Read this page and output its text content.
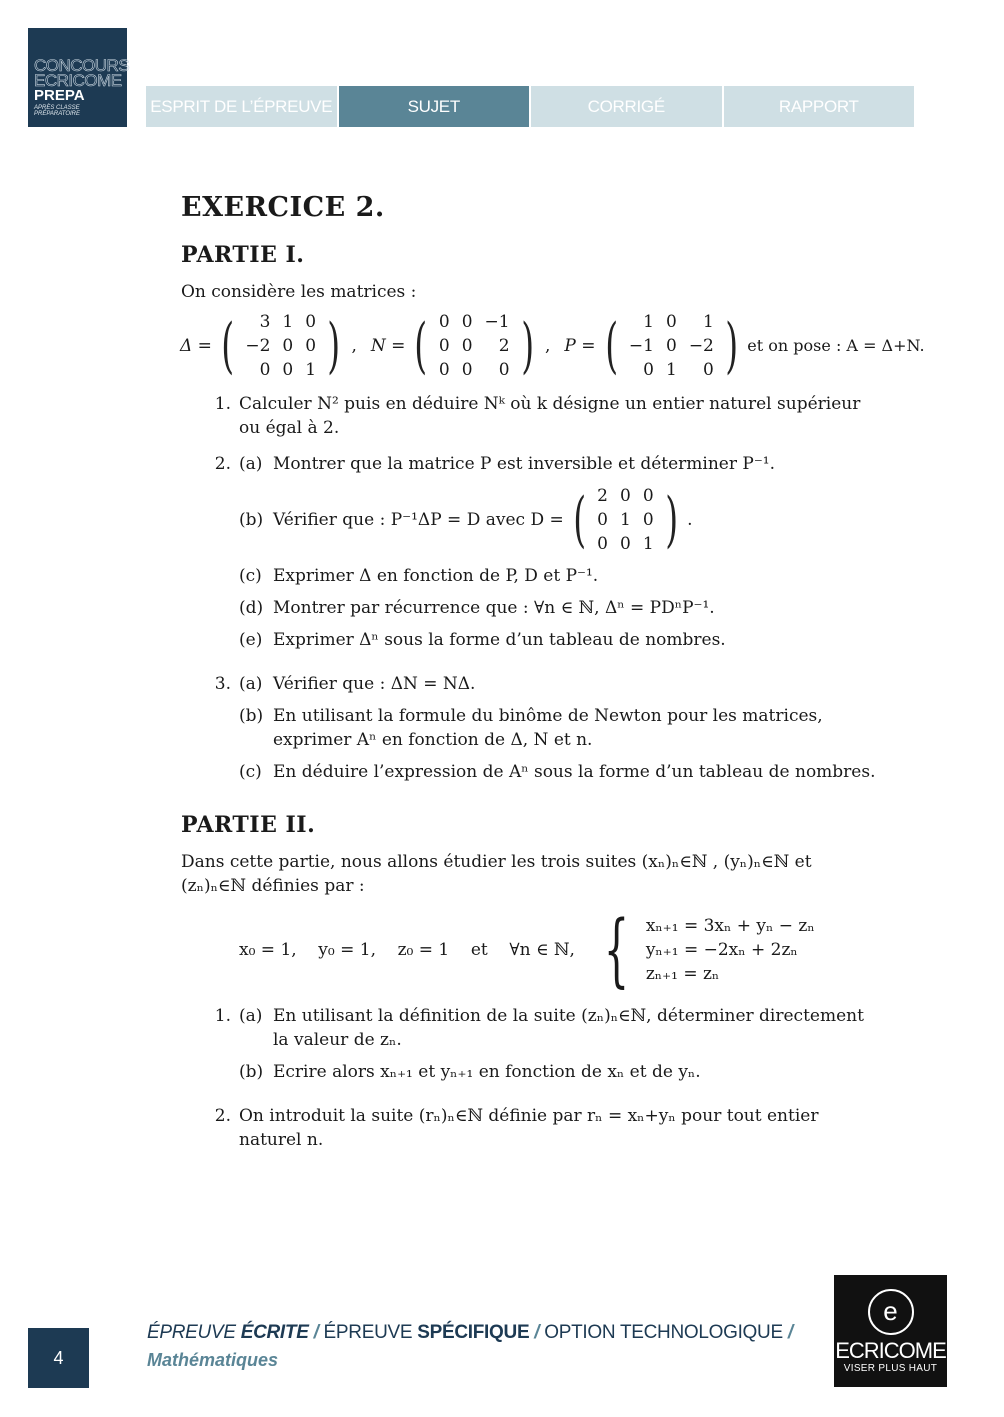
CONCOURS
ECRICOME
PREPA
APRÈS CLASSE PRÉPARATOIRE	ESPRIT DE L’ÉPREUVE	SUJET	CORRIGÉ	RAPPORT
EXERCICE 2.
PARTIE I.

On considère les matrices :

Δ = ( 3	1	0
−2	0	0
0	0	1 ) , N = ( 0	0	−1
0	0	2
0	0	0 ) , P = ( 1	0	1
−1	0	−2
0	1	0 ) et on pose : A = Δ+N.
1. Calculer N² puis en déduire Nᵏ où k désigne un entier naturel supérieur ou égal à 2.
2. (a) Montrer que la matrice P est inversible et déterminer P⁻¹.
(b) Vérifier que : P⁻¹ΔP = D avec D = ( 2	0	0
0	1	0
0	0	1 ) .
(c) Exprimer Δ en fonction de P, D et P⁻¹.
(d) Montrer par récurrence que : ∀n ∈ ℕ, Δⁿ = PDⁿP⁻¹.
(e) Exprimer Δⁿ sous la forme d’un tableau de nombres.
3. (a) Vérifier que : ΔN = NΔ.
(b) En utilisant la formule du binôme de Newton pour les matrices, exprimer Aⁿ en fonction de Δ, N et n.
(c) En déduire l’expression de Aⁿ sous la forme d’un tableau de nombres.
PARTIE II.

Dans cette partie, nous allons étudier les trois suites (xₙ)ₙ∈ℕ , (yₙ)ₙ∈ℕ et (zₙ)ₙ∈ℕ définies par :

x₀ = 1,    y₀ = 1,    z₀ = 1    et    ∀n ∈ ℕ, { xₙ₊₁ = 3xₙ + yₙ − zₙ
yₙ₊₁ = −2xₙ + 2zₙ
zₙ₊₁ = zₙ
1. (a) En utilisant la définition de la suite (zₙ)ₙ∈ℕ, déterminer directement la valeur de zₙ.
(b) Ecrire alors xₙ₊₁ et yₙ₊₁ en fonction de xₙ et de yₙ.
2. On introduit la suite (rₙ)ₙ∈ℕ définie par rₙ = xₙ+yₙ pour tout entier naturel n.
4
ÉPREUVE ÉCRITE / ÉPREUVE SPÉCIFIQUE / OPTION TECHNOLOGIQUE /
Mathématiques
e
ECRICOME
VISER PLUS HAUT
